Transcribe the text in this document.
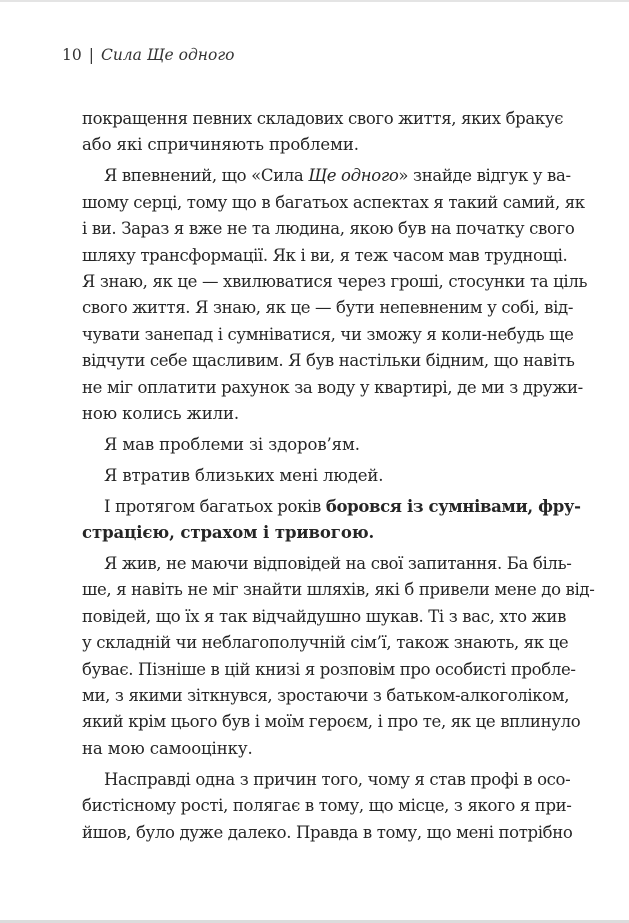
10 | Сила Ще одного
покращення певних складових свого життя, яких бракує
або які спричиняють проблеми.
Я впевнений, що «Сила Ще одного» знайде відгук у ва-
шому серці, тому що в багатьох аспектах я такий самий, як
і ви. Зараз я вже не та людина, якою був на початку свого
шляху трансформації. Як і ви, я теж часом мав труднощі.
Я знаю, як це — хвилюватися через гроші, стосунки та ціль
свого життя. Я знаю, як це — бути непевненим у собі, від-
чувати занепад і сумніватися, чи зможу я коли-небудь ще
відчути себе щасливим. Я був настільки бідним, що навіть
не міг оплатити рахунок за воду у квартирі, де ми з дружи-
ною колись жили.
Я мав проблеми зі здоров’ям.
Я втратив близьких мені людей.
І протягом багатьох років боровся із сумнівами, фру-
страцією, страхом і тривогою.
Я жив, не маючи відповідей на свої запитання. Ба біль-
ше, я навіть не міг знайти шляхів, які б привели мене до від-
повідей, що їх я так відчайдушно шукав. Ті з вас, хто жив
у складній чи неблагополучній сім’ї, також знають, як це
буває. Пізніше в цій книзі я розповім про особисті пробле-
ми, з якими зіткнувся, зростаючи з батьком-алкоголіком,
який крім цього був і моїм героєм, і про те, як це вплинуло
на мою самооцінку.
Насправді одна з причин того, чому я став профі в осо-
бистісному рості, полягає в тому, що місце, з якого я при-
йшов, було дуже далеко. Правда в тому, що мені потрібно
